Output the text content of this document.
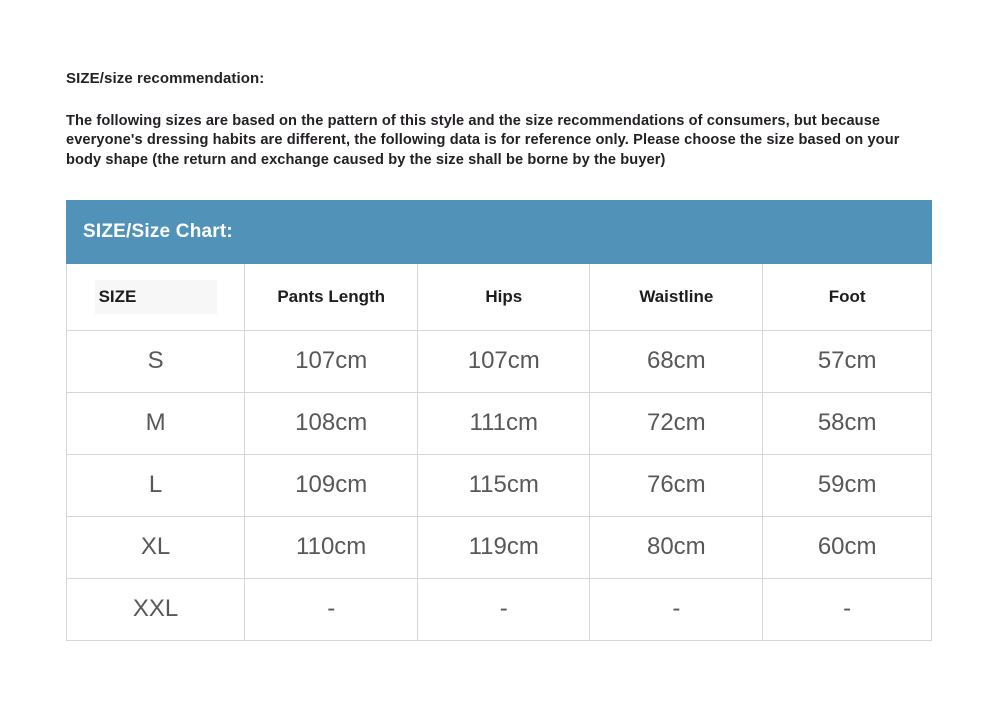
SIZE/size recommendation:

The following sizes are based on the pattern of this style and the size recommendations of consumers, but because everyone's dressing habits are different, the following data is for reference only. Please choose the size based on your body shape (the return and exchange caused by the size shall be borne by the buyer)

SIZE/Size Chart:
SIZE	Pants Length	Hips	Waistline	Foot
S	107cm	107cm	68cm	57cm
M	108cm	111cm	72cm	58cm
L	109cm	115cm	76cm	59cm
XL	110cm	119cm	80cm	60cm
XXL	-	-	-	-
